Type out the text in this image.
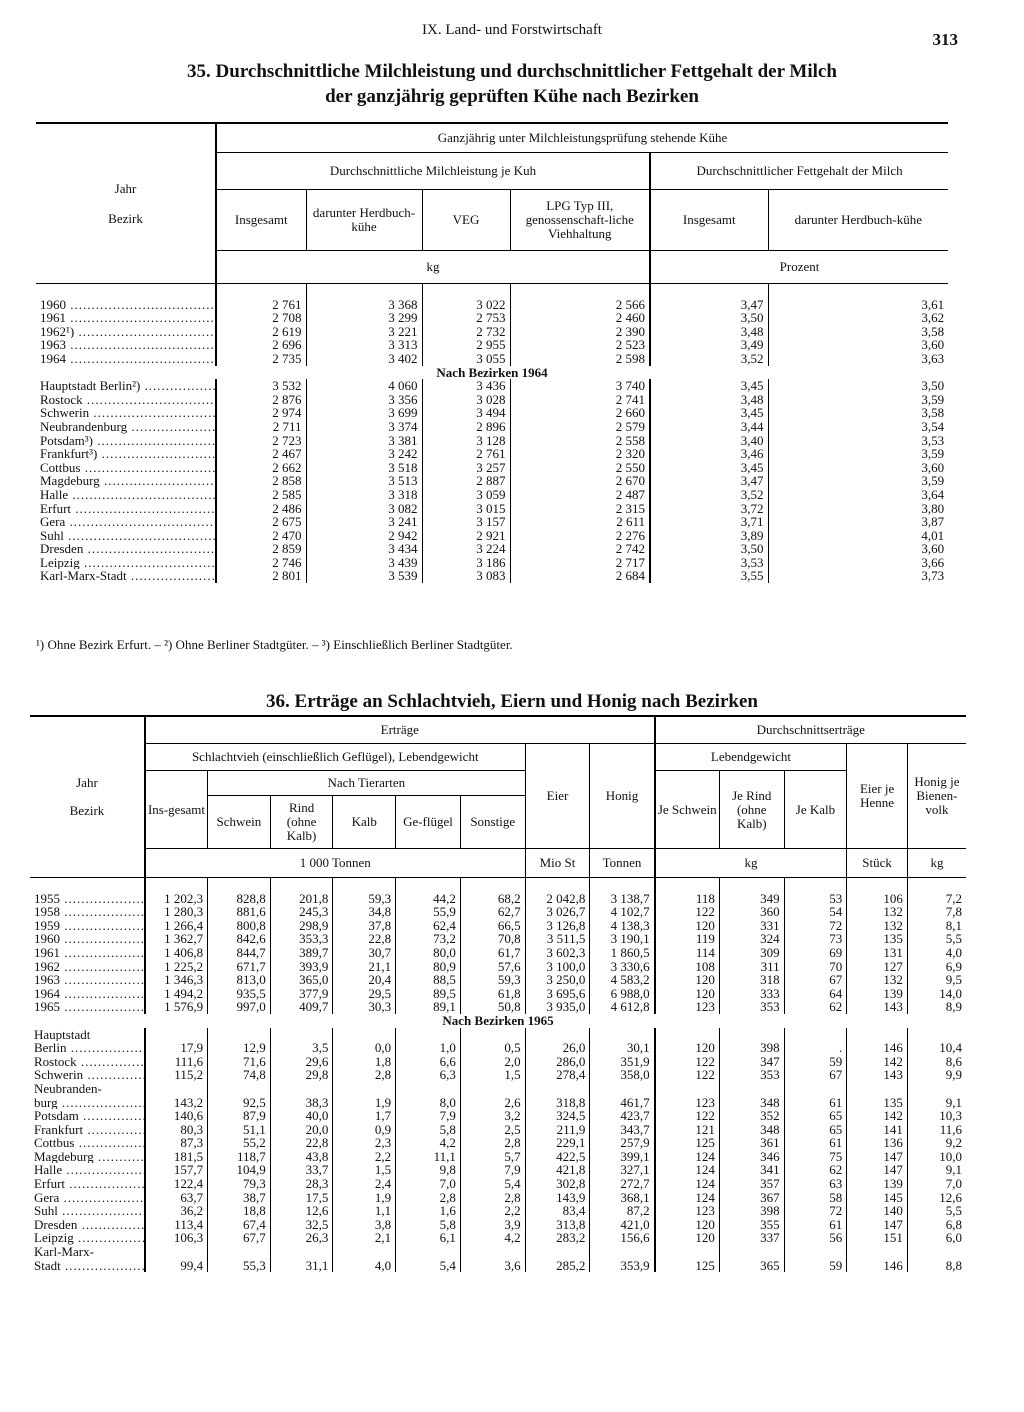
IX. Land- und Forstwirtschaft	313
35. Durchschnittliche Milchleistung und durchschnittlicher Fettgehalt der Milch
der ganzjährig geprüften Kühe nach Bezirken
Jahr
Bezirk	Ganzjährig unter Milchleistungsprüfung stehende Kühe					
	Durchschnittliche Milchleistung je Kuh				Durchschnittlicher Fettgehalt der Milch	
	Insgesamt	darunter Herdbuch-kühe	VEG	LPG Typ III, genossenschaft-liche Viehhaltung	Insgesamt	darunter Herdbuch-kühe
	kg				Prozent	

1960 .....	2 761	3 368	3 022	2 566	3,47	3,61
1961 .....	2 708	3 299	2 753	2 460	3,50	3,62
1962¹) .....	2 619	3 221	2 732	2 390	3,48	3,58
1963 .....	2 696	3 313	2 955	2 523	3,49	3,60
1964 .....	2 735	3 402	3 055	2 598	3,52	3,63
Nach Bezirken 1964						
Hauptstadt Berlin²) .....	3 532	4 060	3 436	3 740	3,45	3,50
Rostock .....	2 876	3 356	3 028	2 741	3,48	3,59
Schwerin .....	2 974	3 699	3 494	2 660	3,45	3,58
Neubrandenburg .....	2 711	3 374	2 896	2 579	3,44	3,54
Potsdam³) .....	2 723	3 381	3 128	2 558	3,40	3,53
Frankfurt³) .....	2 467	3 242	2 761	2 320	3,46	3,59
Cottbus .....	2 662	3 518	3 257	2 550	3,45	3,60
Magdeburg .....	2 858	3 513	2 887	2 670	3,47	3,59
Halle .....	2 585	3 318	3 059	2 487	3,52	3,64
Erfurt .....	2 486	3 082	3 015	2 315	3,72	3,80
Gera .....	2 675	3 241	3 157	2 611	3,71	3,87
Suhl .....	2 470	2 942	2 921	2 276	3,89	4,01
Dresden .....	2 859	3 434	3 224	2 742	3,50	3,60
Leipzig .....	2 746	3 439	3 186	2 717	3,53	3,66
Karl-Marx-Stadt .....	2 801	3 539	3 083	2 684	3,55	3,73
¹) Ohne Bezirk Erfurt. – ²) Ohne Berliner Stadtgüter. – ³) Einschließlich Berliner Stadtgüter.
36. Erträge an Schlachtvieh, Eiern und Honig nach Bezirken
Jahr
Bezirk	Erträge								Durchschnittserträge				
	Schlachtvieh (einschließlich Geflügel), Lebendgewicht						Eier	Honig	Lebendgewicht			Eier je Henne	Honig je Bienen-volk
	Ins-gesamt	Nach Tierarten							Je Schwein	Je Rind (ohne Kalb)	Je Kalb		
		Schwein	Rind (ohne Kalb)	Kalb	Ge-flügel	Sonstige							
	1 000 Tonnen						Mio St	Tonnen	kg			Stück	kg

1955 .....	1 202,3	828,8	201,8	59,3	44,2	68,2	2 042,8	3 138,7	118	349	53	106	7,2
1958 .....	1 280,3	881,6	245,3	34,8	55,9	62,7	3 026,7	4 102,7	122	360	54	132	7,8
1959 .....	1 266,4	800,8	298,9	37,8	62,4	66,5	3 126,8	4 138,3	120	331	72	132	8,1
1960 .....	1 362,7	842,6	353,3	22,8	73,2	70,8	3 511,5	3 190,1	119	324	73	135	5,5
1961 .....	1 406,8	844,7	389,7	30,7	80,0	61,7	3 602,3	1 860,5	114	309	69	131	4,0
1962 .....	1 225,2	671,7	393,9	21,1	80,9	57,6	3 100,0	3 330,6	108	311	70	127	6,9
1963 .....	1 346,3	813,0	365,0	20,4	88,5	59,3	3 250,0	4 583,2	120	318	67	132	9,5
1964 .....	1 494,2	935,5	377,9	29,5	89,5	61,8	3 695,6	6 988,0	120	333	64	139	14,0
1965 .....	1 576,9	997,0	409,7	30,3	89,1	50,8	3 935,0	4 612,8	123	353	62	143	8,9
Nach Bezirken 1965													
Hauptstadt													
Berlin .....	17,9	12,9	3,5	0,0	1,0	0,5	26,0	30,1	120	398	.	146	10,4
Rostock .....	111,6	71,6	29,6	1,8	6,6	2,0	286,0	351,9	122	347	59	142	8,6
Schwerin .....	115,2	74,8	29,8	2,8	6,3	1,5	278,4	358,0	122	353	67	143	9,9
Neubranden-													
burg .....	143,2	92,5	38,3	1,9	8,0	2,6	318,8	461,7	123	348	61	135	9,1
Potsdam .....	140,6	87,9	40,0	1,7	7,9	3,2	324,5	423,7	122	352	65	142	10,3
Frankfurt .....	80,3	51,1	20,0	0,9	5,8	2,5	211,9	343,7	121	348	65	141	11,6
Cottbus .....	87,3	55,2	22,8	2,3	4,2	2,8	229,1	257,9	125	361	61	136	9,2
Magdeburg .....	181,5	118,7	43,8	2,2	11,1	5,7	422,5	399,1	124	346	75	147	10,0
Halle .....	157,7	104,9	33,7	1,5	9,8	7,9	421,8	327,1	124	341	62	147	9,1
Erfurt .....	122,4	79,3	28,3	2,4	7,0	5,4	302,8	272,7	124	357	63	139	7,0
Gera .....	63,7	38,7	17,5	1,9	2,8	2,8	143,9	368,1	124	367	58	145	12,6
Suhl .....	36,2	18,8	12,6	1,1	1,6	2,2	83,4	87,2	123	398	72	140	5,5
Dresden .....	113,4	67,4	32,5	3,8	5,8	3,9	313,8	421,0	120	355	61	147	6,8
Leipzig .....	106,3	67,7	26,3	2,1	6,1	4,2	283,2	156,6	120	337	56	151	6,0
Karl-Marx-													
Stadt .....	99,4	55,3	31,1	4,0	5,4	3,6	285,2	353,9	125	365	59	146	8,8
